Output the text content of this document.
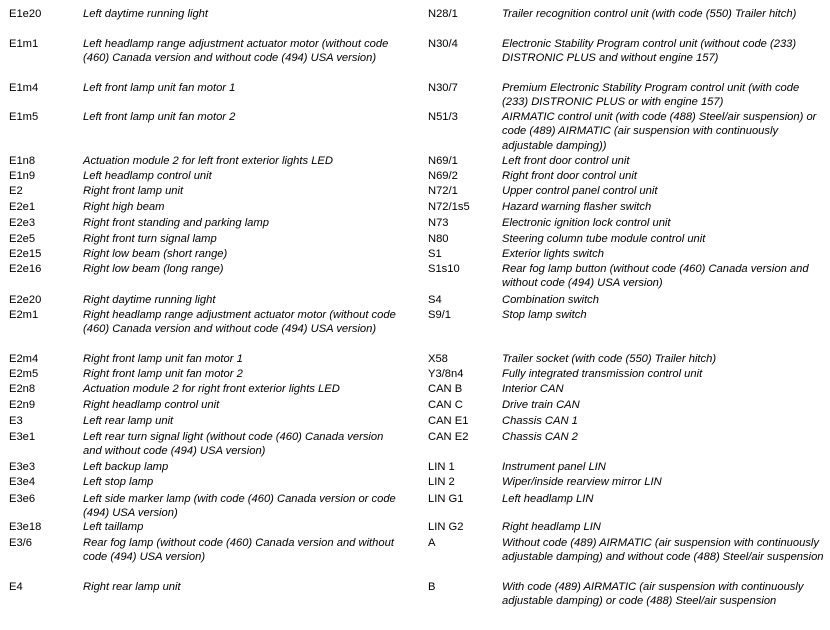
E1e20	Left daytime running light
E1m1	Left headlamp range adjustment actuator motor (without code (460) Canada version and without code (494) USA version)
E1m4	Left front lamp unit fan motor 1
E1m5	Left front lamp unit fan motor 2
E1n8	Actuation module 2 for left front exterior lights LED
E1n9	Left headlamp control unit
E2	Right front lamp unit
E2e1	Right high beam
E2e3	Right front standing and parking lamp
E2e5	Right front turn signal lamp
E2e15	Right low beam (short range)
E2e16	Right low beam (long range)
E2e20	Right daytime running light
E2m1	Right headlamp range adjustment actuator motor (without code (460) Canada version and without code (494) USA version)
E2m4	Right front lamp unit fan motor 1
E2m5	Right front lamp unit fan motor 2
E2n8	Actuation module 2 for right front exterior lights LED
E2n9	Right headlamp control unit
E3	Left rear lamp unit
E3e1	Left rear turn signal light (without code (460) Canada version and without code (494) USA version)
E3e3	Left backup lamp
E3e4	Left stop lamp
E3e6	Left side marker lamp (with code (460) Canada version or code (494) USA version)
E3e18	Left taillamp
E3/6	Rear fog lamp (without code (460) Canada version and without code (494) USA version)
E4	Right rear lamp unit
N28/1	Trailer recognition control unit (with code (550) Trailer hitch)
N30/4	Electronic Stability Program control unit (without code (233) DISTRONIC PLUS and without engine 157)
N30/7	Premium Electronic Stability Program control unit (with code (233) DISTRONIC PLUS or with engine 157)
N51/3	AIRMATIC control unit (with code (488) Steel/air suspension) or code (489) AIRMATIC (air suspension with continuously adjustable damping))
N69/1	Left front door control unit
N69/2	Right front door control unit
N72/1	Upper control panel control unit
N72/1s5	Hazard warning flasher switch
N73	Electronic ignition lock control unit
N80	Steering column tube module control unit
S1	Exterior lights switch
S1s10	Rear fog lamp button (without code (460) Canada version and without code (494) USA version)
S4	Combination switch
S9/1	Stop lamp switch
X58	Trailer socket (with code (550) Trailer hitch)
Y3/8n4	Fully integrated transmission control unit
CAN B	Interior CAN
CAN C	Drive train CAN
CAN E1	Chassis CAN 1
CAN E2	Chassis CAN 2
LIN 1	Instrument panel LIN
LIN 2	Wiper/inside rearview mirror LIN
LIN G1	Left headlamp LIN
LIN G2	Right headlamp LIN
A	Without code (489) AIRMATIC (air suspension with continuously adjustable damping) and without code (488) Steel/air suspension
B	With code (489) AIRMATIC (air suspension with continuously adjustable damping) or code (488) Steel/air suspension
